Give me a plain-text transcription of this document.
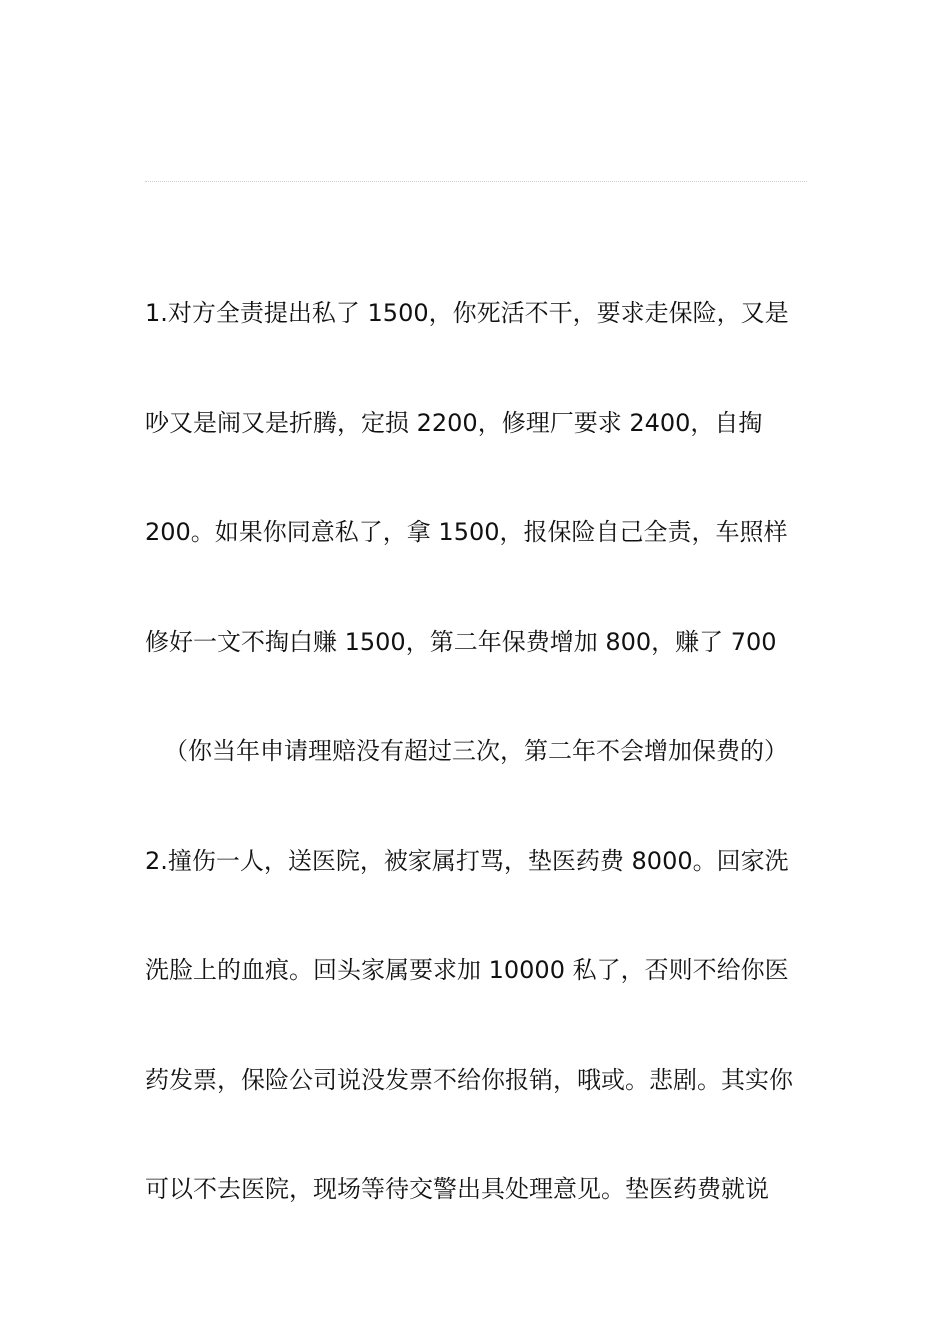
1.对方全责提出私了 1500，你死活不干，要求走保险，又是
吵又是闹又是折腾，定损 2200，修理厂要求 2400，自掏
200。如果你同意私了，拿 1500，报保险自己全责，车照样
修好一文不掏白赚 1500，第二年保费增加 800，赚了 700
（你当年申请理赔没有超过三次，第二年不会增加保费的）
2.撞伤一人，送医院，被家属打骂，垫医药费 8000。回家洗
洗脸上的血痕。回头家属要求加 10000 私了，否则不给你医
药发票，保险公司说没发票不给你报销，哦或。悲剧。其实你
可以不去医院，现场等待交警出具处理意见。垫医药费就说
